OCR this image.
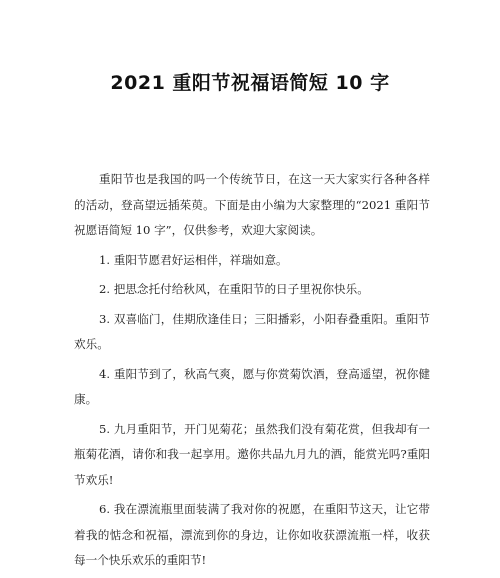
2021 重阳节祝福语简短 10 字

重阳节也是我国的吗一个传统节日，在这一天大家实行各种各样的活动，登高望远插茱萸。下面是由小编为大家整理的“2021 重阳节祝愿语简短 10 字”，仅供参考，欢迎大家阅读。

1. 重阳节愿君好运相伴，祥瑞如意。

2. 把思念托付给秋风，在重阳节的日子里祝你快乐。

3. 双喜临门，佳期欣逢佳日；三阳播彩，小阳春叠重阳。重阳节欢乐。

4. 重阳节到了，秋高气爽，愿与你赏菊饮酒，登高遥望，祝你健康。

5. 九月重阳节，开门见菊花；虽然我们没有菊花赏，但我却有一瓶菊花酒，请你和我一起享用。邀你共品九月九的酒，能赏光吗?重阳节欢乐!

6. 我在漂流瓶里面装满了我对你的祝愿，在重阳节这天，让它带着我的惦念和祝福，漂流到你的身边，让你如收获漂流瓶一样，收获每一个快乐欢乐的重阳节!
